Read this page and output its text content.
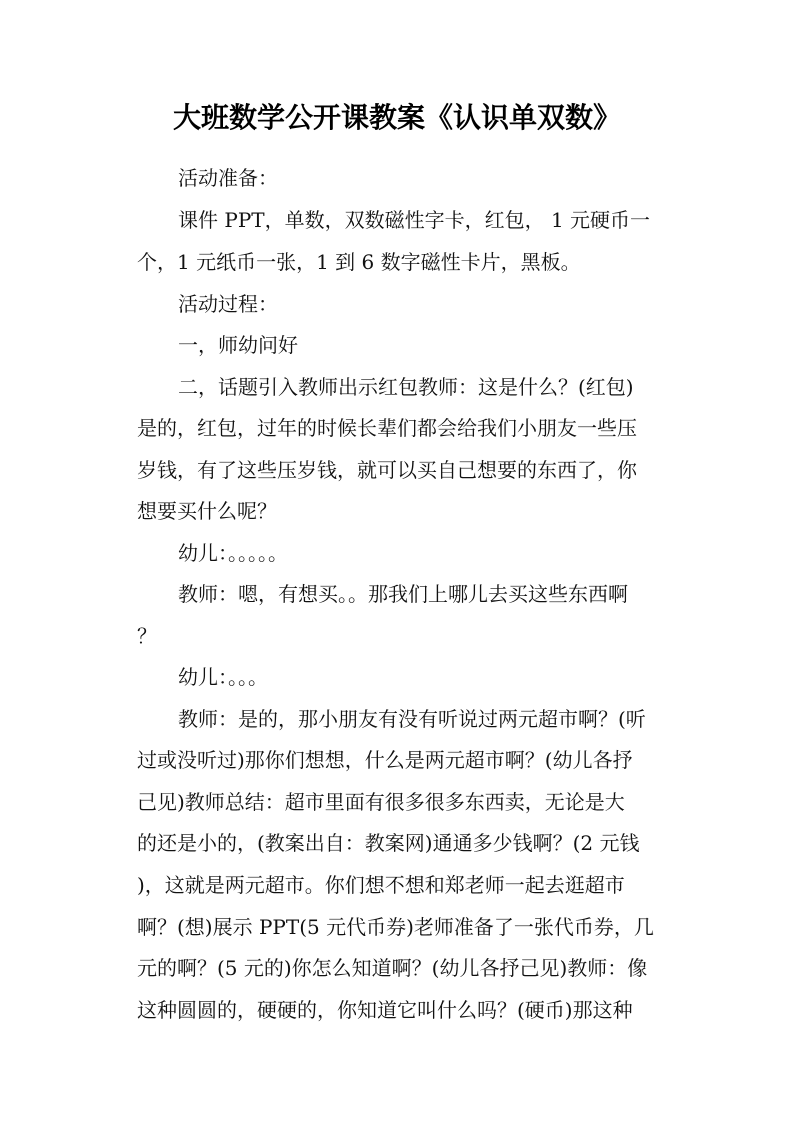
大班数学公开课教案《认识单双数》
活动准备：
课件 PPT，单数，双数磁性字卡，红包， 1 元硬币一
个，1 元纸币一张，1 到 6 数字磁性卡片，黑板。
活动过程：
一，师幼问好
二，话题引入教师出示红包教师：这是什么？(红包)
是的，红包，过年的时候长辈们都会给我们小朋友一些压
岁钱，有了这些压岁钱，就可以买自己想要的东西了，你
想要买什么呢？
幼儿：。。。。。
教师：嗯，有想买。。那我们上哪儿去买这些东西啊
？
幼儿：。。。
教师：是的，那小朋友有没有听说过两元超市啊？(听
过或没听过)那你们想想，什么是两元超市啊？(幼儿各抒
己见)教师总结：超市里面有很多很多东西卖，无论是大
的还是小的，(教案出自：教案网)通通多少钱啊？(2 元钱
)，这就是两元超市。你们想不想和郑老师一起去逛超市
啊？(想)展示 PPT(5 元代币券)老师准备了一张代币券，几
元的啊？(5 元的)你怎么知道啊？(幼儿各抒己见)教师：像
这种圆圆的，硬硬的，你知道它叫什么吗？(硬币)那这种
